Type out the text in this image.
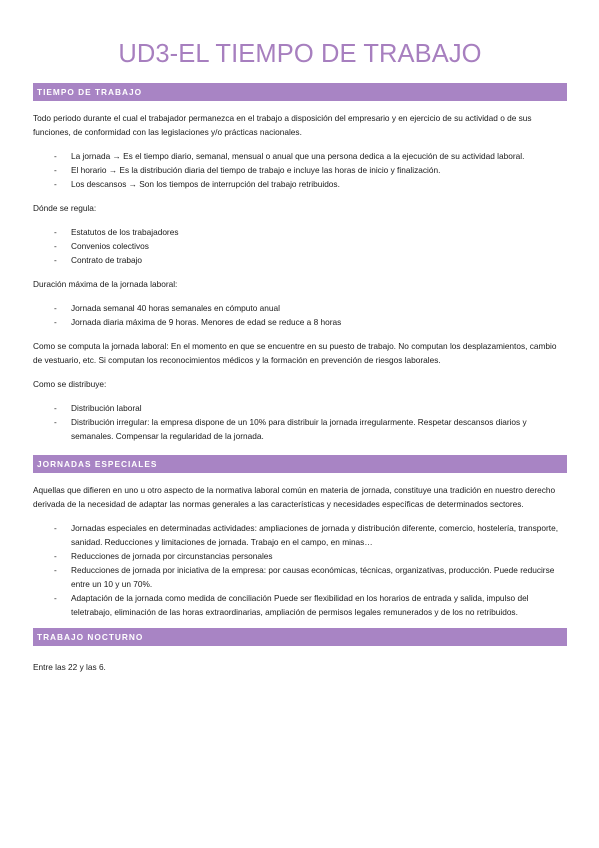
UD3-EL TIEMPO DE TRABAJO
TIEMPO DE TRABAJO

Todo periodo durante el cual el trabajador permanezca en el trabajo a disposición del empresario y en ejercicio de su actividad o de sus funciones, de conformidad con las legislaciones y/o prácticas nacionales.

- La jornada → Es el tiempo diario, semanal, mensual o anual que una persona dedica a la ejecución de su actividad laboral.
- El horario → Es la distribución diaria del tiempo de trabajo e incluye las horas de inicio y finalización.
- Los descansos → Son los tiempos de interrupción del trabajo retribuidos.

Dónde se regula:

- Estatutos de los trabajadores
- Convenios colectivos
- Contrato de trabajo

Duración máxima de la jornada laboral:

- Jornada semanal 40 horas semanales en cómputo anual
- Jornada diaria máxima de 9 horas. Menores de edad se reduce a 8 horas

Como se computa la jornada laboral: En el momento en que se encuentre en su puesto de trabajo. No computan los desplazamientos, cambio de vestuario, etc. Si computan los reconocimientos médicos y la formación en prevención de riesgos laborales.

Como se distribuye:

- Distribución laboral
- Distribución irregular: la empresa dispone de un 10% para distribuir la jornada irregularmente. Respetar descansos diarios y semanales. Compensar la regularidad de la jornada.
JORNADAS ESPECIALES

Aquellas que difieren en uno u otro aspecto de la normativa laboral común en materia de jornada, constituye una tradición en nuestro derecho derivada de la necesidad de adaptar las normas generales a las características y necesidades específicas de determinados sectores.

- Jornadas especiales en determinadas actividades: ampliaciones de jornada y distribución diferente, comercio, hostelería, transporte, sanidad. Reducciones y limitaciones de jornada. Trabajo en el campo, en minas…
- Reducciones de jornada por circunstancias personales
- Reducciones de jornada por iniciativa de la empresa: por causas económicas, técnicas, organizativas, producción. Puede reducirse entre un 10 y un 70%.
- Adaptación de la jornada como medida de conciliación Puede ser flexibilidad en los horarios de entrada y salida, impulso del teletrabajo, eliminación de las horas extraordinarias, ampliación de permisos legales remunerados y de los no retribuidos.
TRABAJO NOCTURNO

Entre las 22 y las 6.
